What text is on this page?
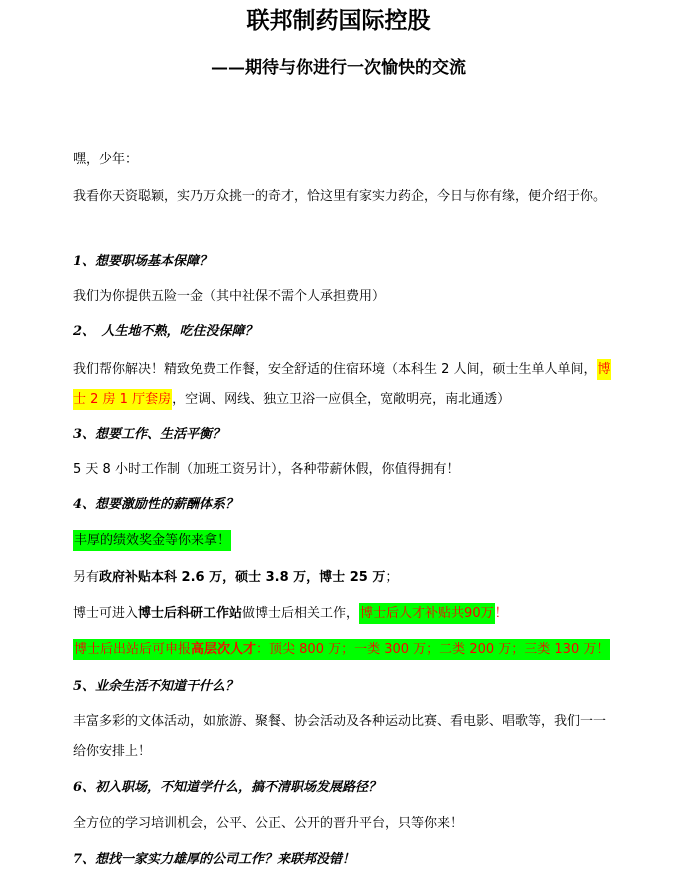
联邦制药国际控股
——期待与你进行一次愉快的交流

嘿，少年：

我看你天资聪颖，实乃万众挑一的奇才，恰这里有家实力药企，今日与你有缘，便介绍于你。

1、想要职场基本保障？

我们为你提供五险一金（其中社保不需个人承担费用）

2、　人生地不熟，吃住没保障？

我们帮你解决！精致免费工作餐，安全舒适的住宿环境（本科生 2 人间，硕士生单人单间，博士 2 房 1 厅套房，空调、网线、独立卫浴一应俱全，宽敞明亮，南北通透）

3、想要工作、生活平衡？

5 天 8 小时工作制（加班工资另计），各种带薪休假，你值得拥有！

4、想要激励性的薪酬体系？

丰厚的绩效奖金等你来拿！

另有政府补贴本科 2.6 万，硕士 3.8 万，博士 25 万；

博士可进入博士后科研工作站做博士后相关工作，博士后人才补贴共90万！

博士后出站后可申报高层次人才：顶尖 800 万；一类 300 万；二类 200 万；三类 130 万！

5、业余生活不知道干什么？

丰富多彩的文体活动，如旅游、聚餐、协会活动及各种运动比赛、看电影、唱歌等，我们一一给你安排上！

6、初入职场，不知道学什么，搞不清职场发展路径？

全方位的学习培训机会，公平、公正、公开的晋升平台，只等你来！

7、想找一家实力雄厚的公司工作？来联邦没错！
